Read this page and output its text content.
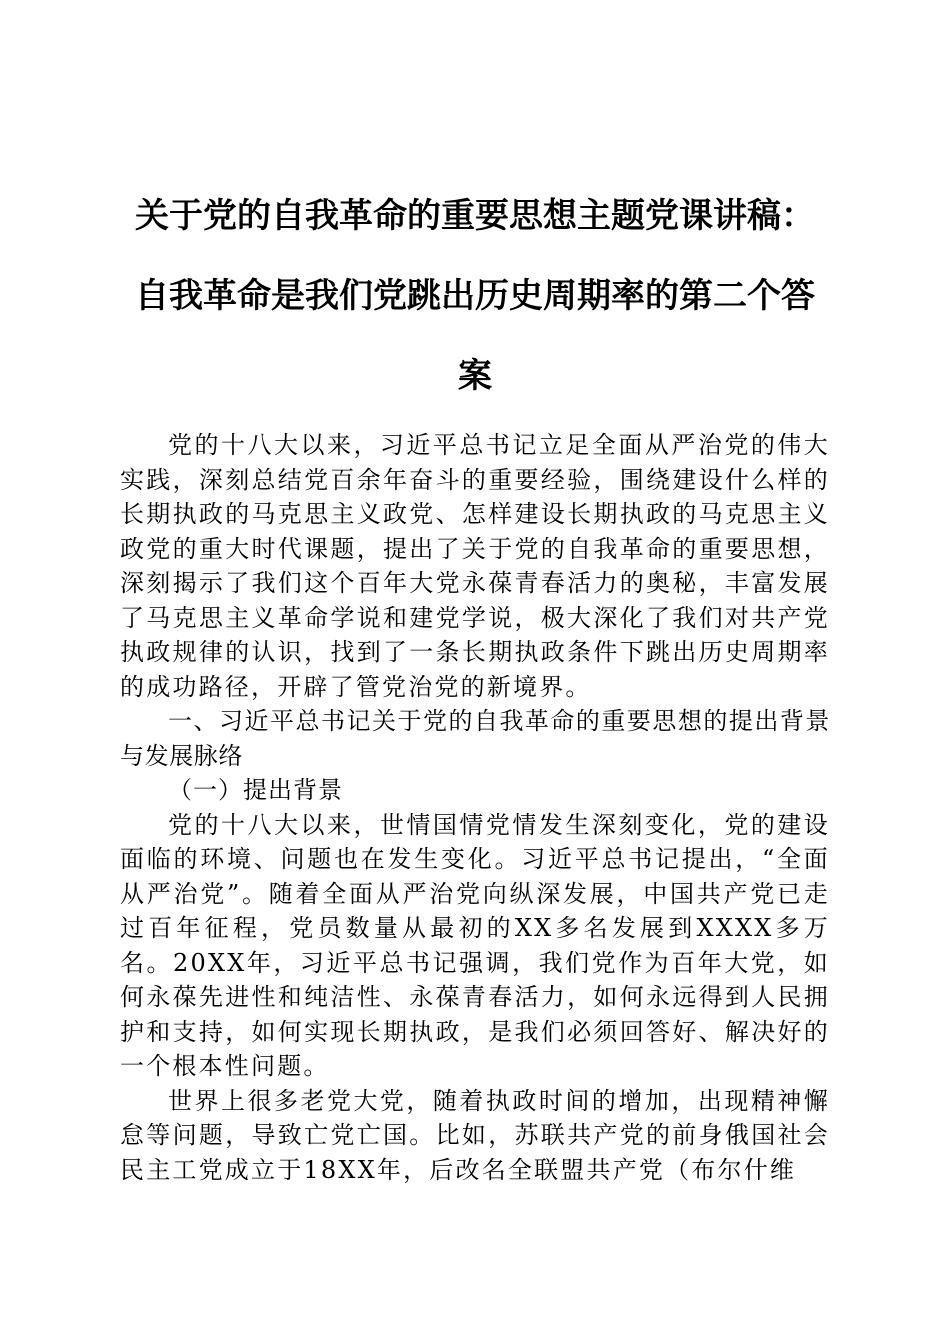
关于党的自我革命的重要思想主题党课讲稿：
自我革命是我们党跳出历史周期率的第二个答
案

党的十八大以来，习近平总书记立足全面从严治党的伟大实践，深刻总结党百余年奋斗的重要经验，围绕建设什么样的长期执政的马克思主义政党、怎样建设长期执政的马克思主义政党的重大时代课题，提出了关于党的自我革命的重要思想，深刻揭示了我们这个百年大党永葆青春活力的奥秘，丰富发展了马克思主义革命学说和建党学说，极大深化了我们对共产党执政规律的认识，找到了一条长期执政条件下跳出历史周期率的成功路径，开辟了管党治党的新境界。

一、习近平总书记关于党的自我革命的重要思想的提出背景与发展脉络

（一）提出背景

党的十八大以来，世情国情党情发生深刻变化，党的建设面临的环境、问题也在发生变化。习近平总书记提出，“全面从严治党”。随着全面从严治党向纵深发展，中国共产党已走过百年征程，党员数量从最初的XX多名发展到XXXX多万名。20XX年，习近平总书记强调，我们党作为百年大党，如何永葆先进性和纯洁性、永葆青春活力，如何永远得到人民拥护和支持，如何实现长期执政，是我们必须回答好、解决好的一个根本性问题。

世界上很多老党大党，随着执政时间的增加，出现精神懈怠等问题，导致亡党亡国。比如，苏联共产党的前身俄国社会民主工党成立于18XX年，后改名全联盟共产党（布尔什维
